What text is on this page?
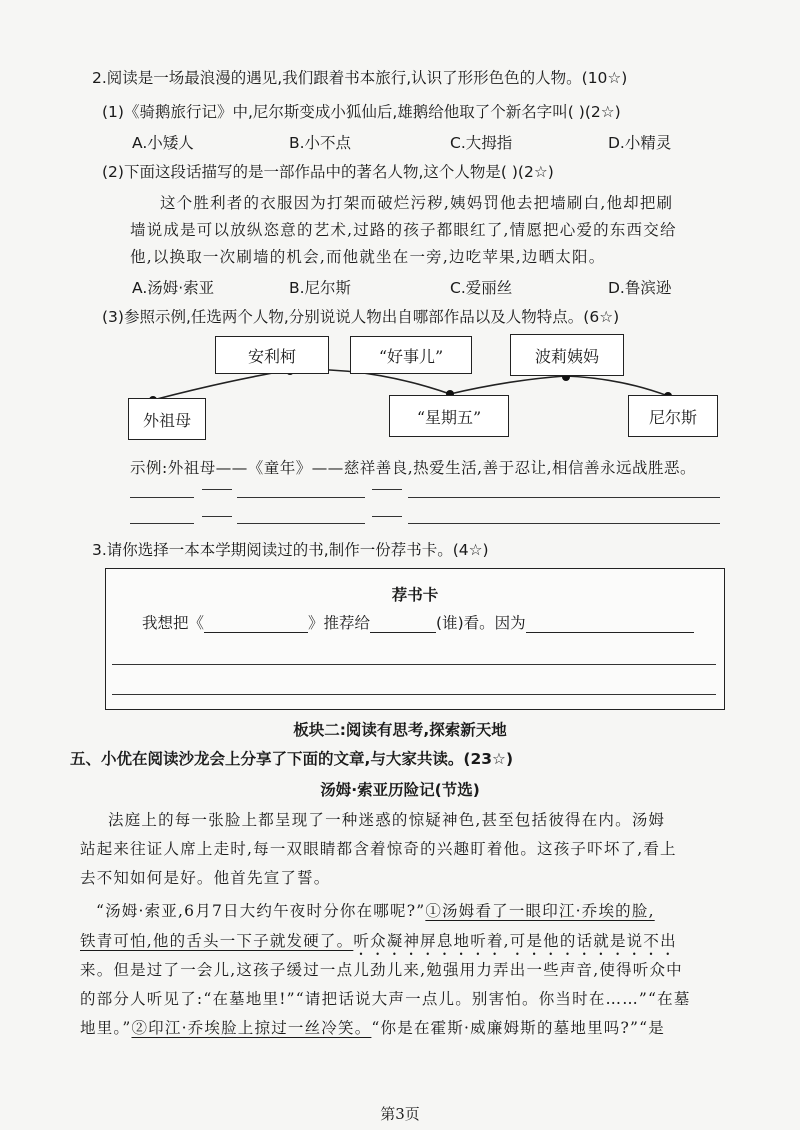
2.阅读是一场最浪漫的遇见,我们跟着书本旅行,认识了形形色色的人物。(10☆)
(1)《骑鹅旅行记》中,尼尔斯变成小狐仙后,雄鹅给他取了个新名字叫( )(2☆)
A.小矮人	B.小不点	C.大拇指	D.小精灵
(2)下面这段话描写的是一部作品中的著名人物,这个人物是( )(2☆)
这个胜利者的衣服因为打架而破烂污秽,姨妈罚他去把墙刷白,他却把刷
墙说成是可以放纵恣意的艺术,过路的孩子都眼红了,情愿把心爱的东西交给
他,以换取一次刷墙的机会,而他就坐在一旁,边吃苹果,边晒太阳。
A.汤姆·索亚	B.尼尔斯	C.爱丽丝	D.鲁滨逊
(3)参照示例,任选两个人物,分别说说人物出自哪部作品以及人物特点。(6☆)
安利柯	“好事儿”	波莉姨妈
外祖母	“星期五”	尼尔斯
示例:外祖母——《童年》——慈祥善良,热爱生活,善于忍让,相信善永远战胜恶。
3.请你选择一本本学期阅读过的书,制作一份荐书卡。(4☆)
荐书卡
我想把《	》推荐给	(谁)看。因为
板块二:阅读有思考,探索新天地
五、小优在阅读沙龙会上分享了下面的文章,与大家共读。(23☆)
汤姆·索亚历险记(节选)
法庭上的每一张脸上都呈现了一种迷惑的惊疑神色,甚至包括彼得在内。汤姆
站起来往证人席上走时,每一双眼睛都含着惊奇的兴趣盯着他。这孩子吓坏了,看上
去不知如何是好。他首先宣了誓。
“汤姆·索亚,6月7日大约午夜时分你在哪呢?”①汤姆看了一眼印江·乔埃的脸,
铁青可怕,他的舌头一下子就发硬了。听众凝神屏息地听着,可是他的话就是说不出
来。但是过了一会儿,这孩子缓过一点儿劲儿来,勉强用力弄出一些声音,使得听众中
的部分人听见了:“在墓地里!”“请把话说大声一点儿。别害怕。你当时在……”“在墓
地里。”②印江·乔埃脸上掠过一丝冷笑。“你是在霍斯·威廉姆斯的墓地里吗?”“是
第3页
